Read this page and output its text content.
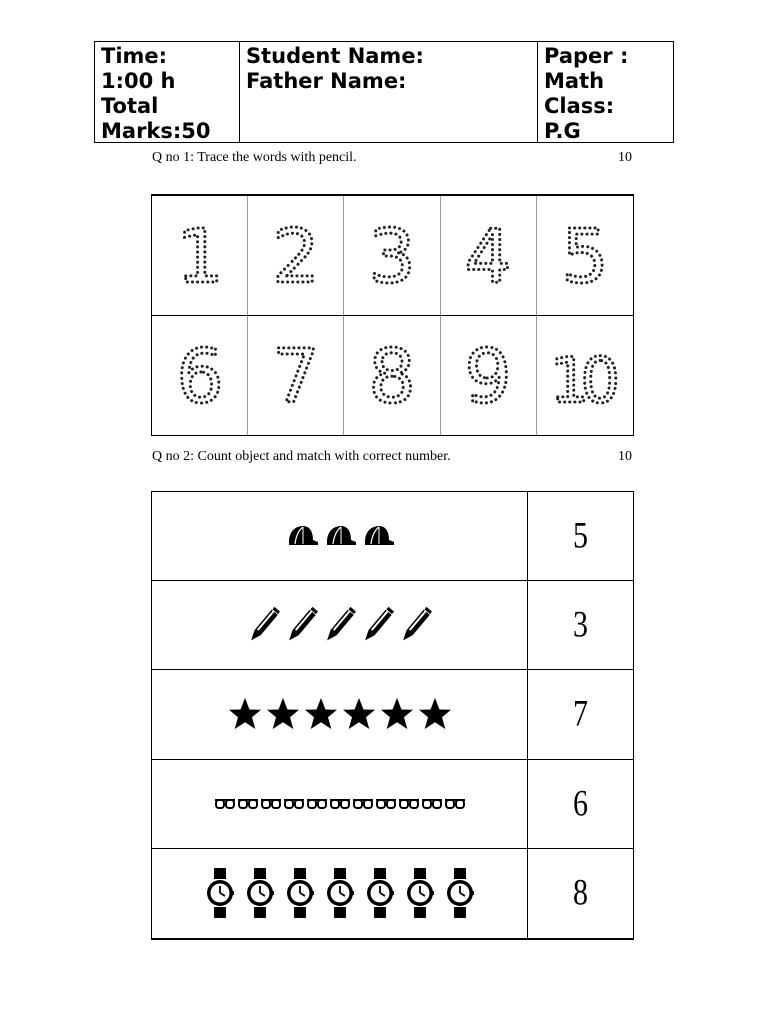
Time:
1:00 h
Total
Marks:50
Student Name:
Father Name:
Paper :
Math
Class:
P.G
Q no 1: Trace the words with pencil.	10
1 2 3 4 5
6 7 8 9 10
Q no 2: Count object and match with correct number.	10
5
3
7
6
8
